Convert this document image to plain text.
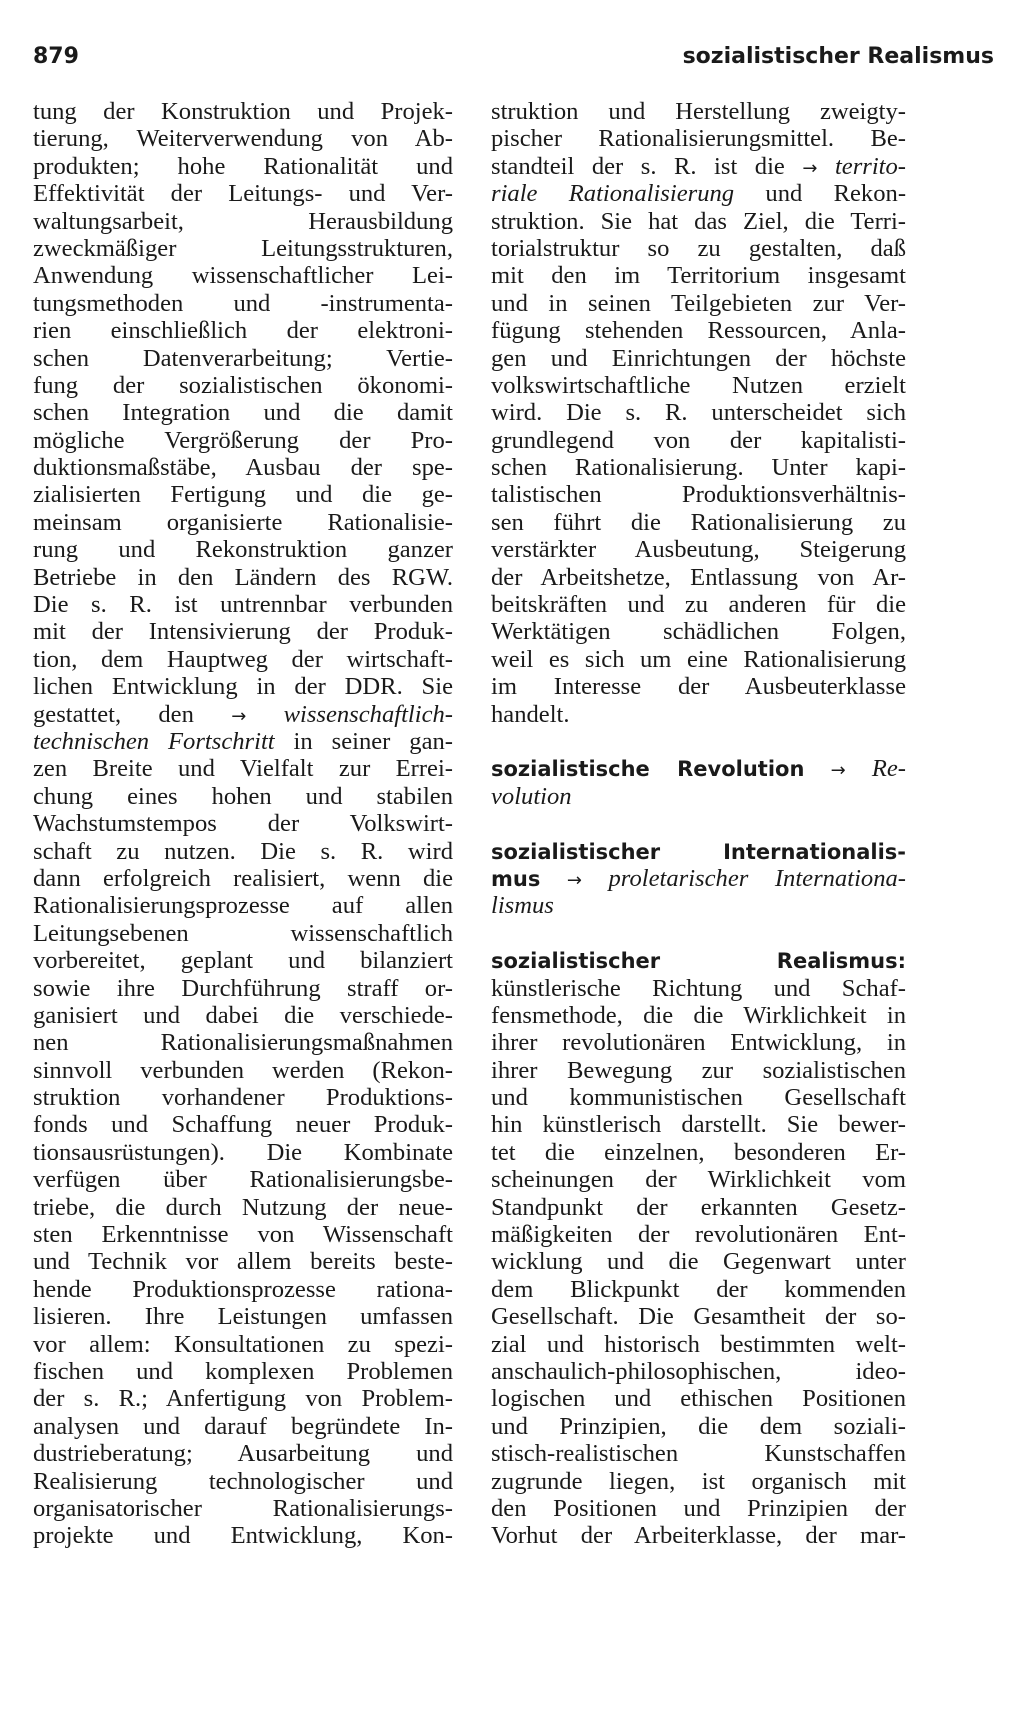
879	sozialistischer Realismus
tung der Konstruktion und Projek-
tierung, Weiterverwendung von Ab-
produkten; hohe Rationalität und
Effektivität der Leitungs- und Ver-
waltungsarbeit, Herausbildung
zweckmäßiger Leitungsstrukturen,
Anwendung wissenschaftlicher Lei-
tungsmethoden und -instrumenta-
rien einschließlich der elektroni-
schen Datenverarbeitung; Vertie-
fung der sozialistischen ökonomi-
schen Integration und die damit
mögliche Vergrößerung der Pro-
duktionsmaßstäbe, Ausbau der spe-
zialisierten Fertigung und die ge-
meinsam organisierte Rationalisie-
rung und Rekonstruktion ganzer
Betriebe in den Ländern des RGW.
Die s. R. ist untrennbar verbunden
mit der Intensivierung der Produk-
tion, dem Hauptweg der wirtschaft-
lichen Entwicklung in der DDR. Sie
gestattet, den → wissenschaftlich-
technischen Fortschritt in seiner gan-
zen Breite und Vielfalt zur Errei-
chung eines hohen und stabilen
Wachstumstempos der Volkswirt-
schaft zu nutzen. Die s. R. wird
dann erfolgreich realisiert, wenn die
Rationalisierungsprozesse auf allen
Leitungsebenen wissenschaftlich
vorbereitet, geplant und bilanziert
sowie ihre Durchführung straff or-
ganisiert und dabei die verschiede-
nen Rationalisierungsmaßnahmen
sinnvoll verbunden werden (Rekon-
struktion vorhandener Produktions-
fonds und Schaffung neuer Produk-
tionsausrüstungen). Die Kombinate
verfügen über Rationalisierungsbe-
triebe, die durch Nutzung der neue-
sten Erkenntnisse von Wissenschaft
und Technik vor allem bereits beste-
hende Produktionsprozesse rationa-
lisieren. Ihre Leistungen umfassen
vor allem: Konsultationen zu spezi-
fischen und komplexen Problemen
der s. R.; Anfertigung von Problem-
analysen und darauf begründete In-
dustrieberatung; Ausarbeitung und
Realisierung technologischer und
organisatorischer Rationalisierungs-
projekte und Entwicklung, Kon-
struktion und Herstellung zweigty-
pischer Rationalisierungsmittel. Be-
standteil der s. R. ist die → territo-
riale Rationalisierung und Rekon-
struktion. Sie hat das Ziel, die Terri-
torialstruktur so zu gestalten, daß
mit den im Territorium insgesamt
und in seinen Teilgebieten zur Ver-
fügung stehenden Ressourcen, Anla-
gen und Einrichtungen der höchste
volkswirtschaftliche Nutzen erzielt
wird. Die s. R. unterscheidet sich
grundlegend von der kapitalisti-
schen Rationalisierung. Unter kapi-
talistischen Produktionsverhältnis-
sen führt die Rationalisierung zu
verstärkter Ausbeutung, Steigerung
der Arbeitshetze, Entlassung von Ar-
beitskräften und zu anderen für die
Werktätigen schädlichen Folgen,
weil es sich um eine Rationalisierung
im Interesse der Ausbeuterklasse
handelt.
sozialistische Revolution → Re-
volution
sozialistischer Internationalis-
mus → proletarischer Internationa-
lismus
sozialistischer Realismus:
künstlerische Richtung und Schaf-
fensmethode, die die Wirklichkeit in
ihrer revolutionären Entwicklung, in
ihrer Bewegung zur sozialistischen
und kommunistischen Gesellschaft
hin künstlerisch darstellt. Sie bewer-
tet die einzelnen, besonderen Er-
scheinungen der Wirklichkeit vom
Standpunkt der erkannten Gesetz-
mäßigkeiten der revolutionären Ent-
wicklung und die Gegenwart unter
dem Blickpunkt der kommenden
Gesellschaft. Die Gesamtheit der so-
zial und historisch bestimmten welt-
anschaulich-philosophischen, ideo-
logischen und ethischen Positionen
und Prinzipien, die dem soziali-
stisch-realistischen Kunstschaffen
zugrunde liegen, ist organisch mit
den Positionen und Prinzipien der
Vorhut der Arbeiterklasse, der mar-
